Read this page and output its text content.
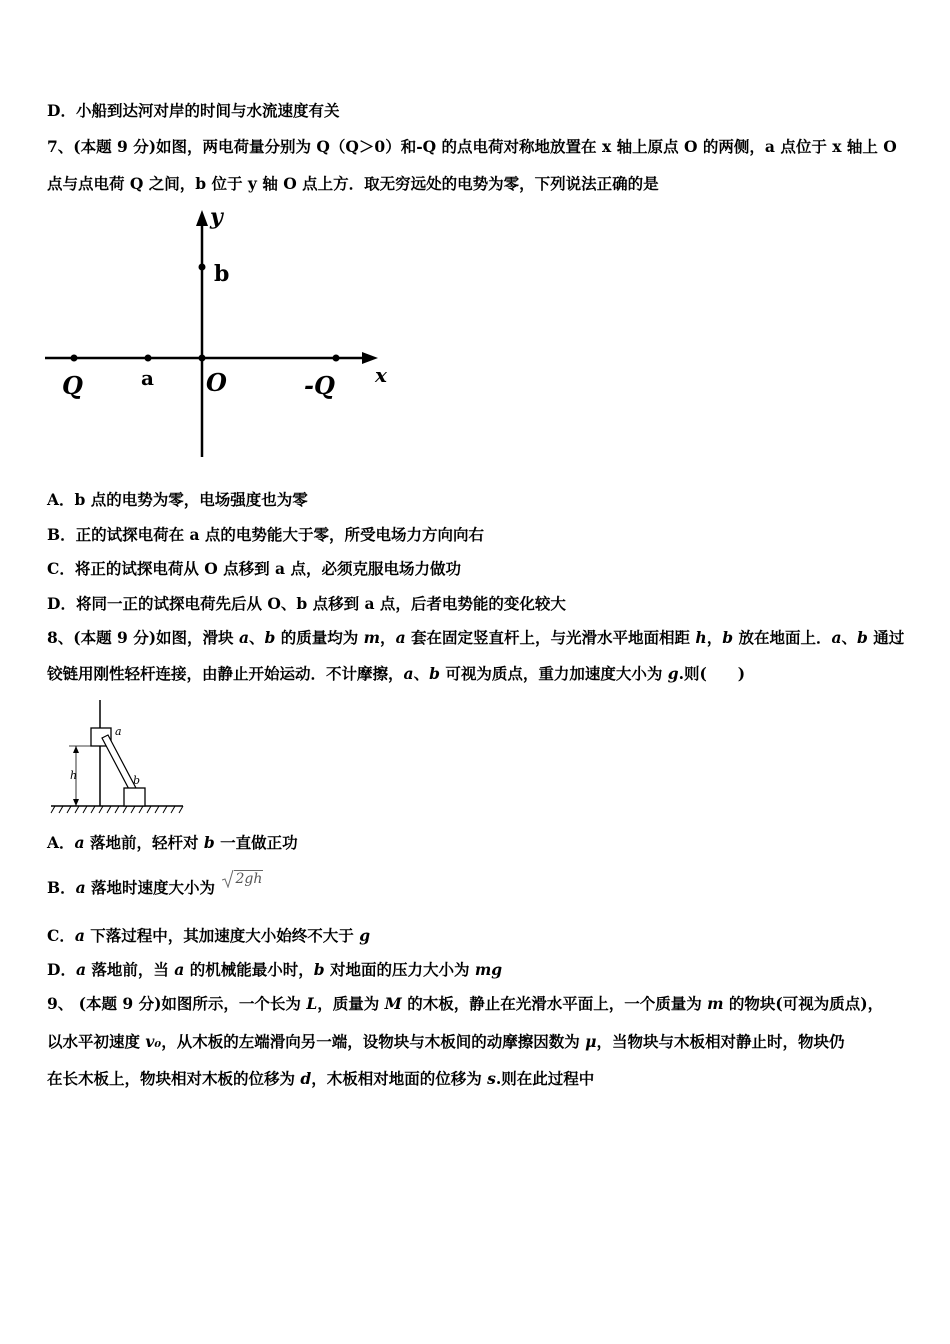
D．小船到达河对岸的时间与水流速度有关
7、(本题 9 分)如图，两电荷量分别为 Q（Q＞0）和-Q 的点电荷对称地放置在 x 轴上原点 O 的两侧，a 点位于 x 轴上 O
点与点电荷 Q 之间，b 位于 y 轴 O 点上方．取无穷远处的电势为零，下列说法正确的是
y
b
Q	a O	-Q x
A．b 点的电势为零，电场强度也为零
B．正的试探电荷在 a 点的电势能大于零，所受电场力方向向右
C．将正的试探电荷从 O 点移到 a 点，必须克服电场力做功
D．将同一正的试探电荷先后从 O、b 点移到 a 点，后者电势能的变化较大
8、(本题 9 分)如图，滑块 a、b 的质量均为 m，a 套在固定竖直杆上，与光滑水平地面相距 h，b 放在地面上．a、b 通过
铰链用刚性轻杆连接，由静止开始运动．不计摩擦，a、b 可视为质点，重力加速度大小为 g.则(　　)
a
b
h
A．a 落地前，轻杆对 b 一直做正功
B．a 落地时速度大小为 2gh
C．a 下落过程中，其加速度大小始终不大于 g
D．a 落地前，当 a 的机械能最小时，b 对地面的压力大小为 mg
9、 (本题 9 分)如图所示，一个长为 L，质量为 M 的木板，静止在光滑水平面上，一个质量为 m 的物块(可视为质点)，
以水平初速度 v₀，从木板的左端滑向另一端，设物块与木板间的动摩擦因数为 μ，当物块与木板相对静止时，物块仍
在长木板上，物块相对木板的位移为 d，木板相对地面的位移为 s.则在此过程中
